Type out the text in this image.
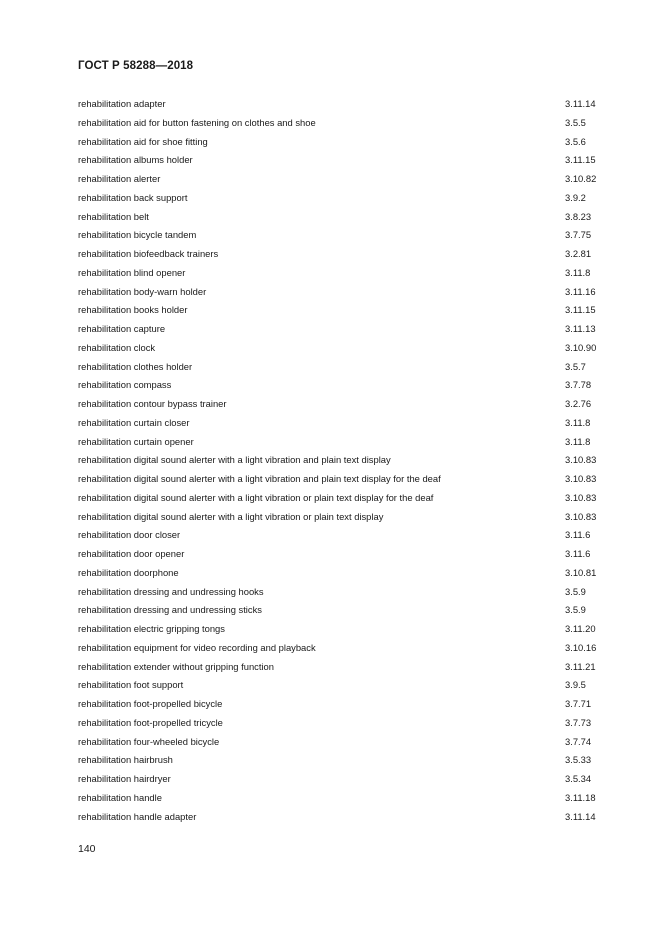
ГОСТ Р 58288—2018
rehabilitation adapter	3.11.14
rehabilitation aid for button fastening on clothes and shoe	3.5.5
rehabilitation aid for shoe fitting	3.5.6
rehabilitation albums holder	3.11.15
rehabilitation alerter	3.10.82
rehabilitation back support	3.9.2
rehabilitation belt	3.8.23
rehabilitation bicycle tandem	3.7.75
rehabilitation biofeedback trainers	3.2.81
rehabilitation blind opener	3.11.8
rehabilitation body-warn holder	3.11.16
rehabilitation books holder	3.11.15
rehabilitation capture	3.11.13
rehabilitation clock	3.10.90
rehabilitation clothes holder	3.5.7
rehabilitation compass	3.7.78
rehabilitation contour bypass trainer	3.2.76
rehabilitation curtain closer	3.11.8
rehabilitation curtain opener	3.11.8
rehabilitation digital sound alerter with a light vibration and plain text display	3.10.83
rehabilitation digital sound alerter with a light vibration and plain text display for the deaf	3.10.83
rehabilitation digital sound alerter with a light vibration or plain text display for the deaf	3.10.83
rehabilitation digital sound alerter with a light vibration or plain text display	3.10.83
rehabilitation door closer	3.11.6
rehabilitation door opener	3.11.6
rehabilitation doorphone	3.10.81
rehabilitation dressing and undressing hooks	3.5.9
rehabilitation dressing and undressing sticks	3.5.9
rehabilitation electric gripping tongs	3.11.20
rehabilitation equipment for video recording and playback	3.10.16
rehabilitation extender without gripping function	3.11.21
rehabilitation foot support	3.9.5
rehabilitation foot-propelled bicycle	3.7.71
rehabilitation foot-propelled tricycle	3.7.73
rehabilitation four-wheeled bicycle	3.7.74
rehabilitation hairbrush	3.5.33
rehabilitation hairdryer	3.5.34
rehabilitation handle	3.11.18
rehabilitation handle adapter	3.11.14
140
